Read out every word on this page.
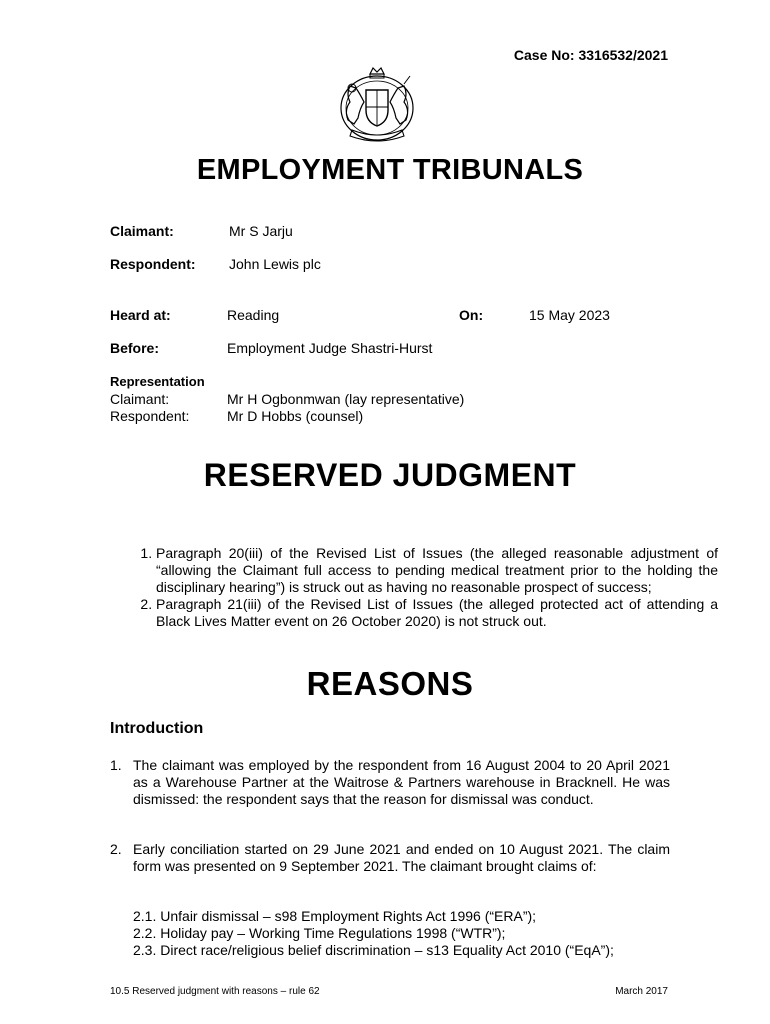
Case No: 3316532/2021
EMPLOYMENT TRIBUNALS
Claimant:	Mr S Jarju
Respondent: John Lewis plc
Heard at:	Reading	On:	15 May 2023
Before:	Employment Judge Shastri-Hurst
Representation
Claimant:	Mr H Ogbonmwan (lay representative)
Respondent:	Mr D Hobbs (counsel)
RESERVED JUDGMENT
1. Paragraph 20(iii) of the Revised List of Issues (the alleged reasonable adjustment of “allowing the Claimant full access to pending medical treatment prior to the holding the disciplinary hearing”) is struck out as having no reasonable prospect of success;
2. Paragraph 21(iii) of the Revised List of Issues (the alleged protected act of attending a Black Lives Matter event on 26 October 2020) is not struck out.
REASONS
Introduction
1. The claimant was employed by the respondent from 16 August 2004 to 20 April 2021 as a Warehouse Partner at the Waitrose & Partners warehouse in Bracknell. He was dismissed: the respondent says that the reason for dismissal was conduct.
2. Early conciliation started on 29 June 2021 and ended on 10 August 2021. The claim form was presented on 9 September 2021. The claimant brought claims of:
2.1. Unfair dismissal – s98 Employment Rights Act 1996 (“ERA”);
2.2. Holiday pay – Working Time Regulations 1998 (“WTR”);
2.3. Direct race/religious belief discrimination – s13 Equality Act 2010 (“EqA”);
10.5 Reserved judgment with reasons – rule 62	March 2017
